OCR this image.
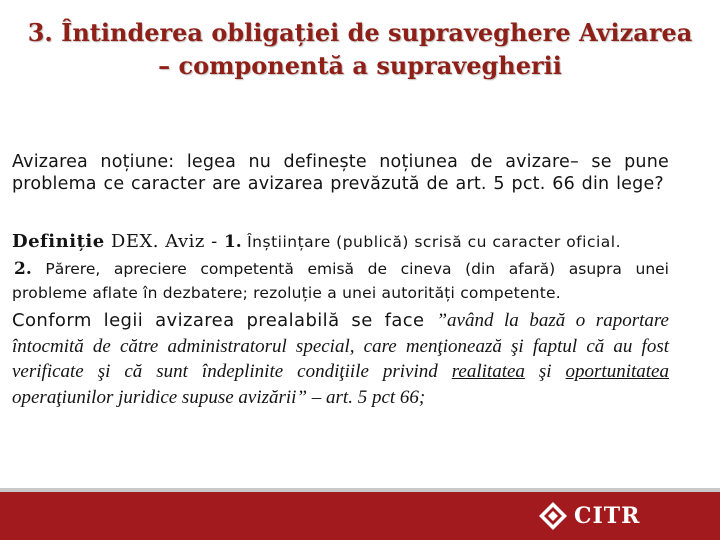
3. Întinderea obligației de supraveghere Avizarea
– componentă a supravegherii
Avizarea noțiune: legea nu definește noțiunea de avizare– se pune problema ce caracter are avizarea prevăzută de art. 5 pct. 66 din lege?
Definiție DEX. Aviz - 1. Înștiințare (publică) scrisă cu caracter oficial.
2. Părere, apreciere competentă emisă de cineva (din afară) asupra unei
probleme aflate în dezbatere; rezoluție a unei autorități competente.
Conform legii avizarea prealabilă se face ”având la bază o raportare întocmită de către administratorul special, care menţionează şi faptul că au fost verificate şi că sunt îndeplinite condiţiile privind realitatea şi oportunitatea operaţiunilor juridice supuse avizării” – art. 5 pct 66;
CITR
